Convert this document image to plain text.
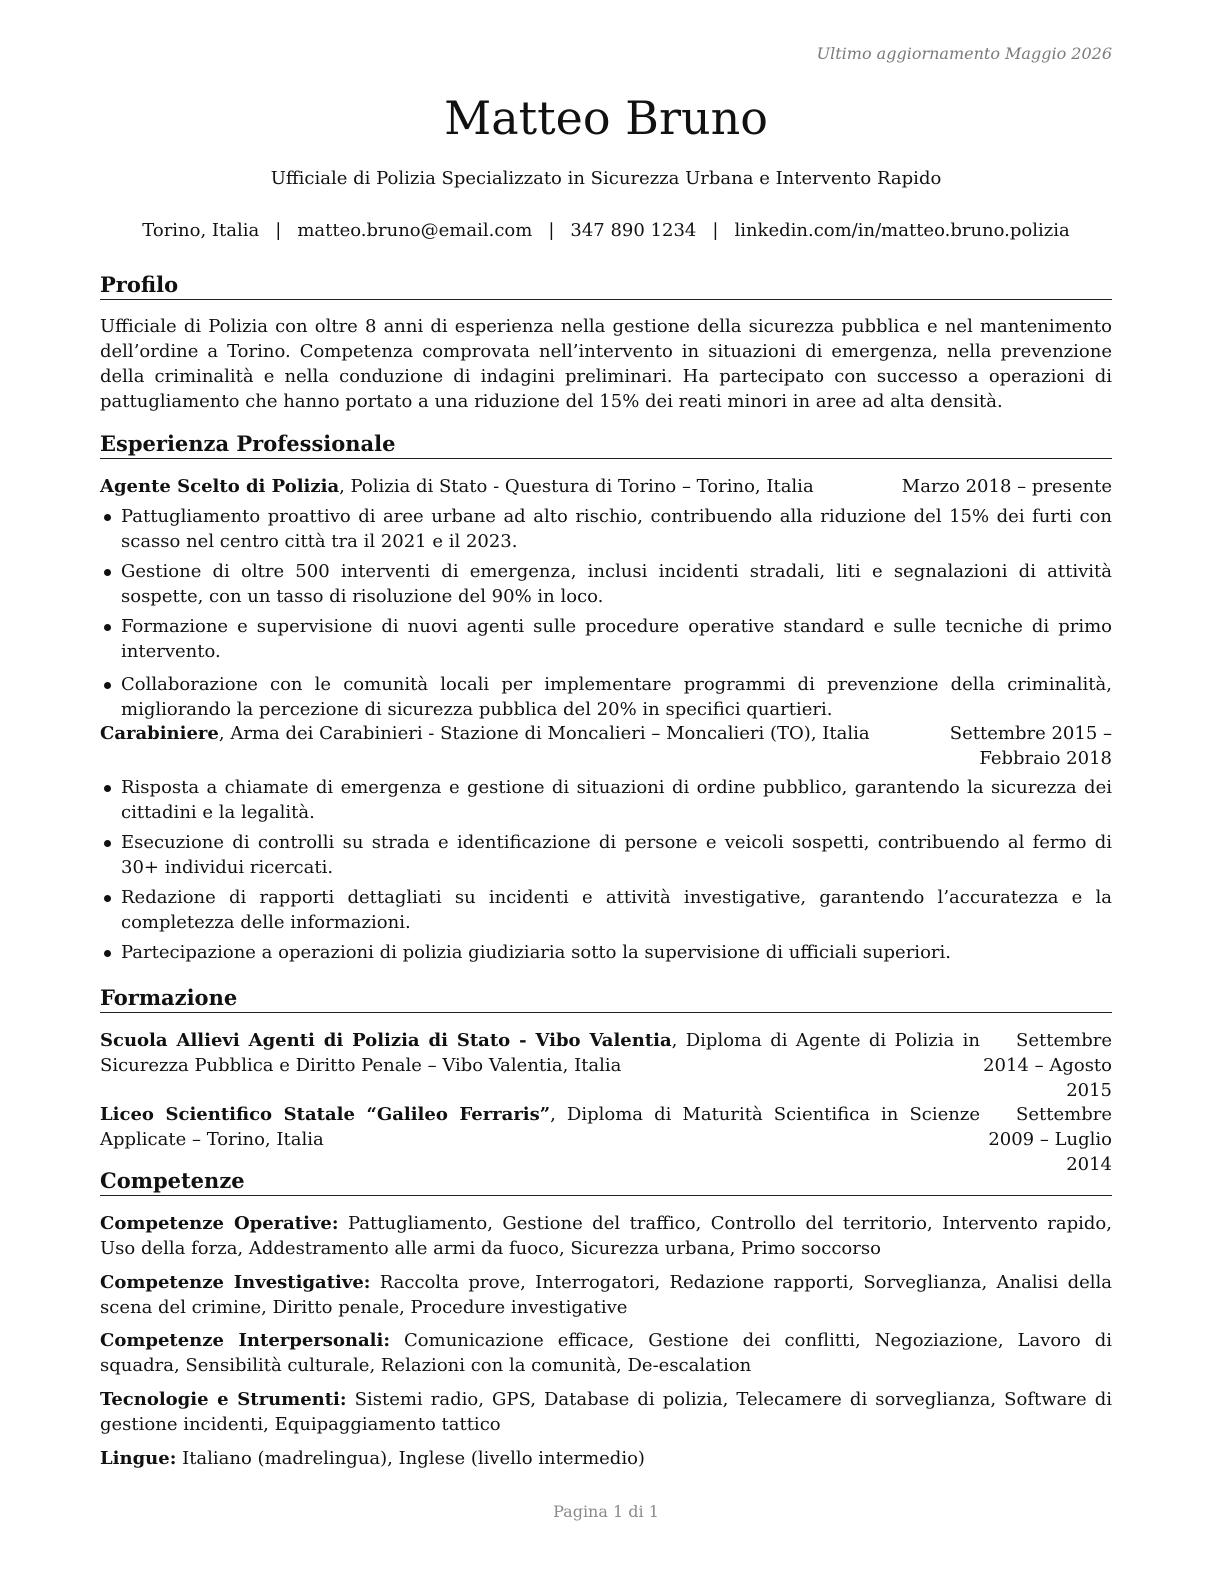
Ultimo aggiornamento Maggio 2026
Matteo Bruno
Ufficiale di Polizia Specializzato in Sicurezza Urbana e Intervento Rapido
Torino, Italia | matteo.bruno@email.com | 347 890 1234 | linkedin.com/in/matteo.bruno.polizia
Profilo
Ufficiale di Polizia con oltre 8 anni di esperienza nella gestione della sicurezza pubblica e nel mantenimento dell’ordine a Torino. Competenza comprovata nell’intervento in situazioni di emergenza, nella prevenzione della criminalità e nella conduzione di indagini preliminari. Ha partecipato con successo a operazioni di pattugliamento che hanno portato a una riduzione del 15% dei reati minori in aree ad alta densità.
Esperienza Professionale
Agente Scelto di Polizia, Polizia di Stato - Questura di Torino – Torino, Italia	Marzo 2018 – presente
Pattugliamento proattivo di aree urbane ad alto rischio, contribuendo alla riduzione del 15% dei furti con scasso nel centro città tra il 2021 e il 2023.
Gestione di oltre 500 interventi di emergenza, inclusi incidenti stradali, liti e segnalazioni di attività sospette, con un tasso di risoluzione del 90% in loco.
Formazione e supervisione di nuovi agenti sulle procedure operative standard e sulle tecniche di primo intervento.
Collaborazione con le comunità locali per implementare programmi di prevenzione della criminalità, migliorando la percezione di sicurezza pubblica del 20% in specifici quartieri.
Carabiniere, Arma dei Carabinieri - Stazione di Moncalieri – Moncalieri (TO), Italia	Settembre 2015 – Febbraio 2018
Risposta a chiamate di emergenza e gestione di situazioni di ordine pubblico, garantendo la sicurezza dei cittadini e la legalità.
Esecuzione di controlli su strada e identificazione di persone e veicoli sospetti, contribuendo al fermo di 30+ individui ricercati.
Redazione di rapporti dettagliati su incidenti e attività investigative, garantendo l’accuratezza e la completezza delle informazioni.
Partecipazione a operazioni di polizia giudiziaria sotto la supervisione di ufficiali superiori.
Formazione
Scuola Allievi Agenti di Polizia di Stato - Vibo Valentia, Diploma di Agente di Polizia in Sicurezza Pubblica e Diritto Penale – Vibo Valentia, Italia
Settembre 2014 – Agosto 2015
Liceo Scientifico Statale “Galileo Ferraris”, Diploma di Maturità Scientifica in Scienze Applicate – Torino, Italia
Settembre 2009 – Luglio 2014
Competenze
Competenze Operative: Pattugliamento, Gestione del traffico, Controllo del territorio, Intervento rapido, Uso della forza, Addestramento alle armi da fuoco, Sicurezza urbana, Primo soccorso
Competenze Investigative: Raccolta prove, Interrogatori, Redazione rapporti, Sorveglianza, Analisi della scena del crimine, Diritto penale, Procedure investigative
Competenze Interpersonali: Comunicazione efficace, Gestione dei conflitti, Negoziazione, Lavoro di squadra, Sensibilità culturale, Relazioni con la comunità, De-escalation
Tecnologie e Strumenti: Sistemi radio, GPS, Database di polizia, Telecamere di sorveglianza, Software di gestione incidenti, Equipaggiamento tattico
Lingue: Italiano (madrelingua), Inglese (livello intermedio)
Pagina 1 di 1
